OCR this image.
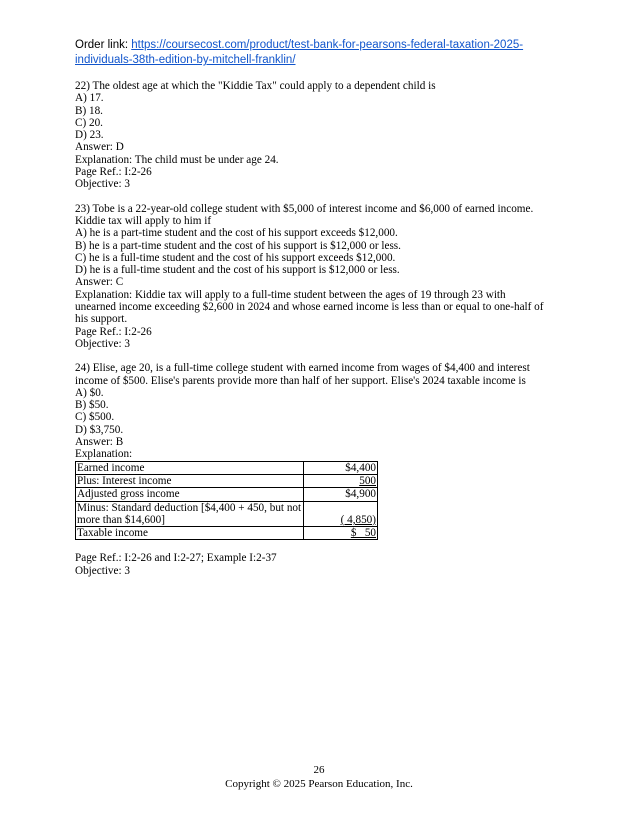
Order link: https://coursecost.com/product/test-bank-for-pearsons-federal-taxation-2025-individuals-38th-edition-by-mitchell-franklin/
22) The oldest age at which the "Kiddie Tax" could apply to a dependent child is
A) 17.
B) 18.
C) 20.
D) 23.
Answer: D
Explanation: The child must be under age 24.
Page Ref.: I:2-26
Objective: 3
23) Tobe is a 22-year-old college student with $5,000 of interest income and $6,000 of earned income.
Kiddie tax will apply to him if
A) he is a part-time student and the cost of his support exceeds $12,000.
B) he is a part-time student and the cost of his support is $12,000 or less.
C) he is a full-time student and the cost of his support exceeds $12,000.
D) he is a full-time student and the cost of his support is $12,000 or less.
Answer: C
Explanation: Kiddie tax will apply to a full-time student between the ages of 19 through 23 with
unearned income exceeding $2,600 in 2024 and whose earned income is less than or equal to one-half of
his support.
Page Ref.: I:2-26
Objective: 3
24) Elise, age 20, is a full-time college student with earned income from wages of $4,400 and interest
income of $500. Elise's parents provide more than half of her support. Elise's 2024 taxable income is
A) $0.
B) $50.
C) $500.
D) $3,750.
Answer: B
Explanation:
Earned income	$4,400
Plus: Interest income	500
Adjusted gross income	$4,900
Minus: Standard deduction [$4,400 + 450, but not more than $14,600]	( 4,850)
Taxable income	$   50
Page Ref.: I:2-26 and I:2-27; Example I:2-37
Objective: 3
26
Copyright © 2025 Pearson Education, Inc.
